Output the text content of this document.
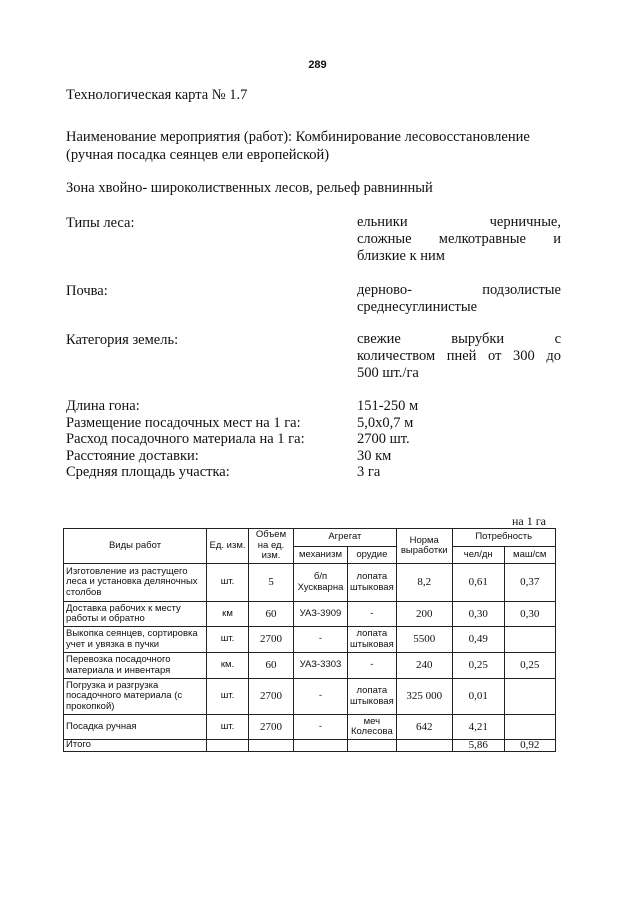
289
Технологическая карта № 1.7
Наименование мероприятия (работ): Комбинирование лесовосстановление
(ручная посадка сеянцев ели европейской)
Зона хвойно- широколиственных лесов, рельеф равнинный
Типы леса:	ельники черничные,
сложные мелкотравные и
близкие к ним
Почва:	дерново- подзолистые
среднесуглинистые
Категория земель:	свежие вырубки с
количеством пней от 300 до
500 шт./га
Длина гона:	151-250 м
Размещение посадочных мест на 1 га:	5,0х0,7 м
Расход посадочного материала на 1 га:	2700 шт.
Расстояние доставки:	30 км
Средняя площадь участка:	3 га
на 1 га
Виды работ	Ед. изм.	Объем на ед. изм.	Агрегат		Норма выработки	Потребность	
			механизм	орудие		чел/дн	маш/см
Изготовление из растущего леса и установка деляночных столбов	шт.	5	б/п Хускварна	лопата штыковая	8,2	0,61	0,37
Доставка рабочих к месту работы и обратно	км	60	УАЗ-3909	-	200	0,30	0,30
Выкопка сеянцев, сортировка учет и увязка в пучки	шт.	2700	-	лопата штыковая	5500	0,49	
Перевозка посадочного материала и инвентаря	км.	60	УАЗ-3303	-	240	0,25	0,25
Погрузка и разгрузка посадочного материала (с прокопкой)	шт.	2700	-	лопата штыковая	325 000	0,01	
Посадка ручная	шт.	2700	-	меч Колесова	642	4,21	
Итого						5,86	0,92
